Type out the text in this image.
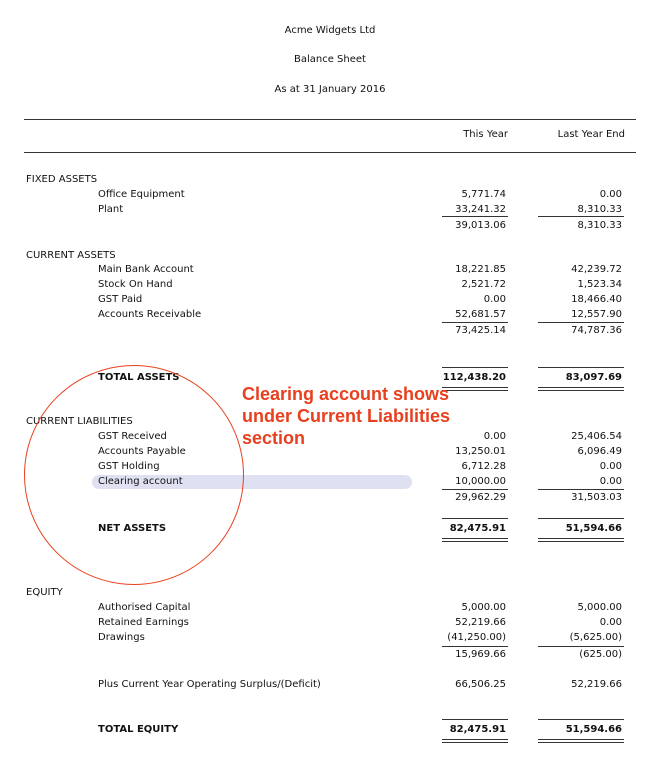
Acme Widgets Ltd
Balance Sheet
As at 31 January 2016
This Year	Last Year End
FIXED ASSETS
Office Equipment	5,771.74	0.00
Plant	33,241.32	8,310.33
39,013.06	8,310.33
CURRENT ASSETS
Main Bank Account	18,221.85	42,239.72
Stock On Hand	2,521.72	1,523.34
GST Paid	0.00	18,466.40
Accounts Receivable	52,681.57	12,557.90
73,425.14	74,787.36
TOTAL ASSETS	112,438.20	83,097.69
CURRENT LIABILITIES
GST Received	0.00	25,406.54
Accounts Payable	13,250.01	6,096.49
GST Holding	6,712.28	0.00
Clearing account	10,000.00	0.00
29,962.29	31,503.03
NET ASSETS	82,475.91	51,594.66
Clearing account shows under Current Liabilities section
EQUITY
Authorised Capital	5,000.00	5,000.00
Retained Earnings	52,219.66	0.00
Drawings	(41,250.00)	(5,625.00)
15,969.66	(625.00)
Plus Current Year Operating Surplus/(Deficit)	66,506.25	52,219.66
TOTAL EQUITY	82,475.91	51,594.66
